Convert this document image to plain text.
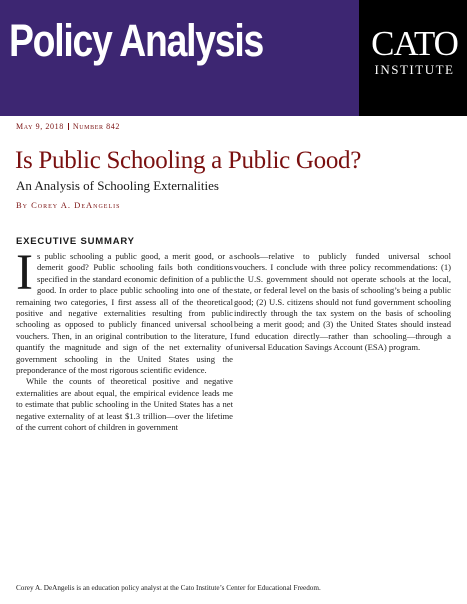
Policy Analysis	CATO
INSTITUTE
May 9, 2018 Number 842
Is Public Schooling a Public Good?
An Analysis of Schooling Externalities
By Corey A. DeAngelis
EXECUTIVE SUMMARY

Is public schooling a public good, a merit good, or a demerit good? Public schooling fails both conditions specified in the standard economic definition of a public good. In order to place public schooling into one of the remaining two categories, I first assess all of the theoretical positive and negative externalities resulting from public schooling as opposed to publicly financed universal school vouchers. Then, in an original contribution to the literature, I quantify the magnitude and sign of the net externality of government schooling in the United States using the preponderance of the most rigorous scientific evidence.

While the counts of theoretical positive and negative externalities are about equal, the empirical evidence leads me to estimate that public schooling in the United States has a net negative externality of at least $1.3 trillion—over the lifetime of the current cohort of children in government

schools—relative to publicly funded universal school vouchers. I conclude with three policy recommendations: (1) the U.S. government should not operate schools at the local, state, or federal level on the basis of schooling’s being a public good; (2) U.S. citizens should not fund government schooling indirectly through the tax system on the basis of schooling being a merit good; and (3) the United States should instead fund education directly—rather than schooling—through a universal Education Savings Account (ESA) program.

Corey A. DeAngelis is an education policy analyst at the Cato Institute’s Center for Educational Freedom.
